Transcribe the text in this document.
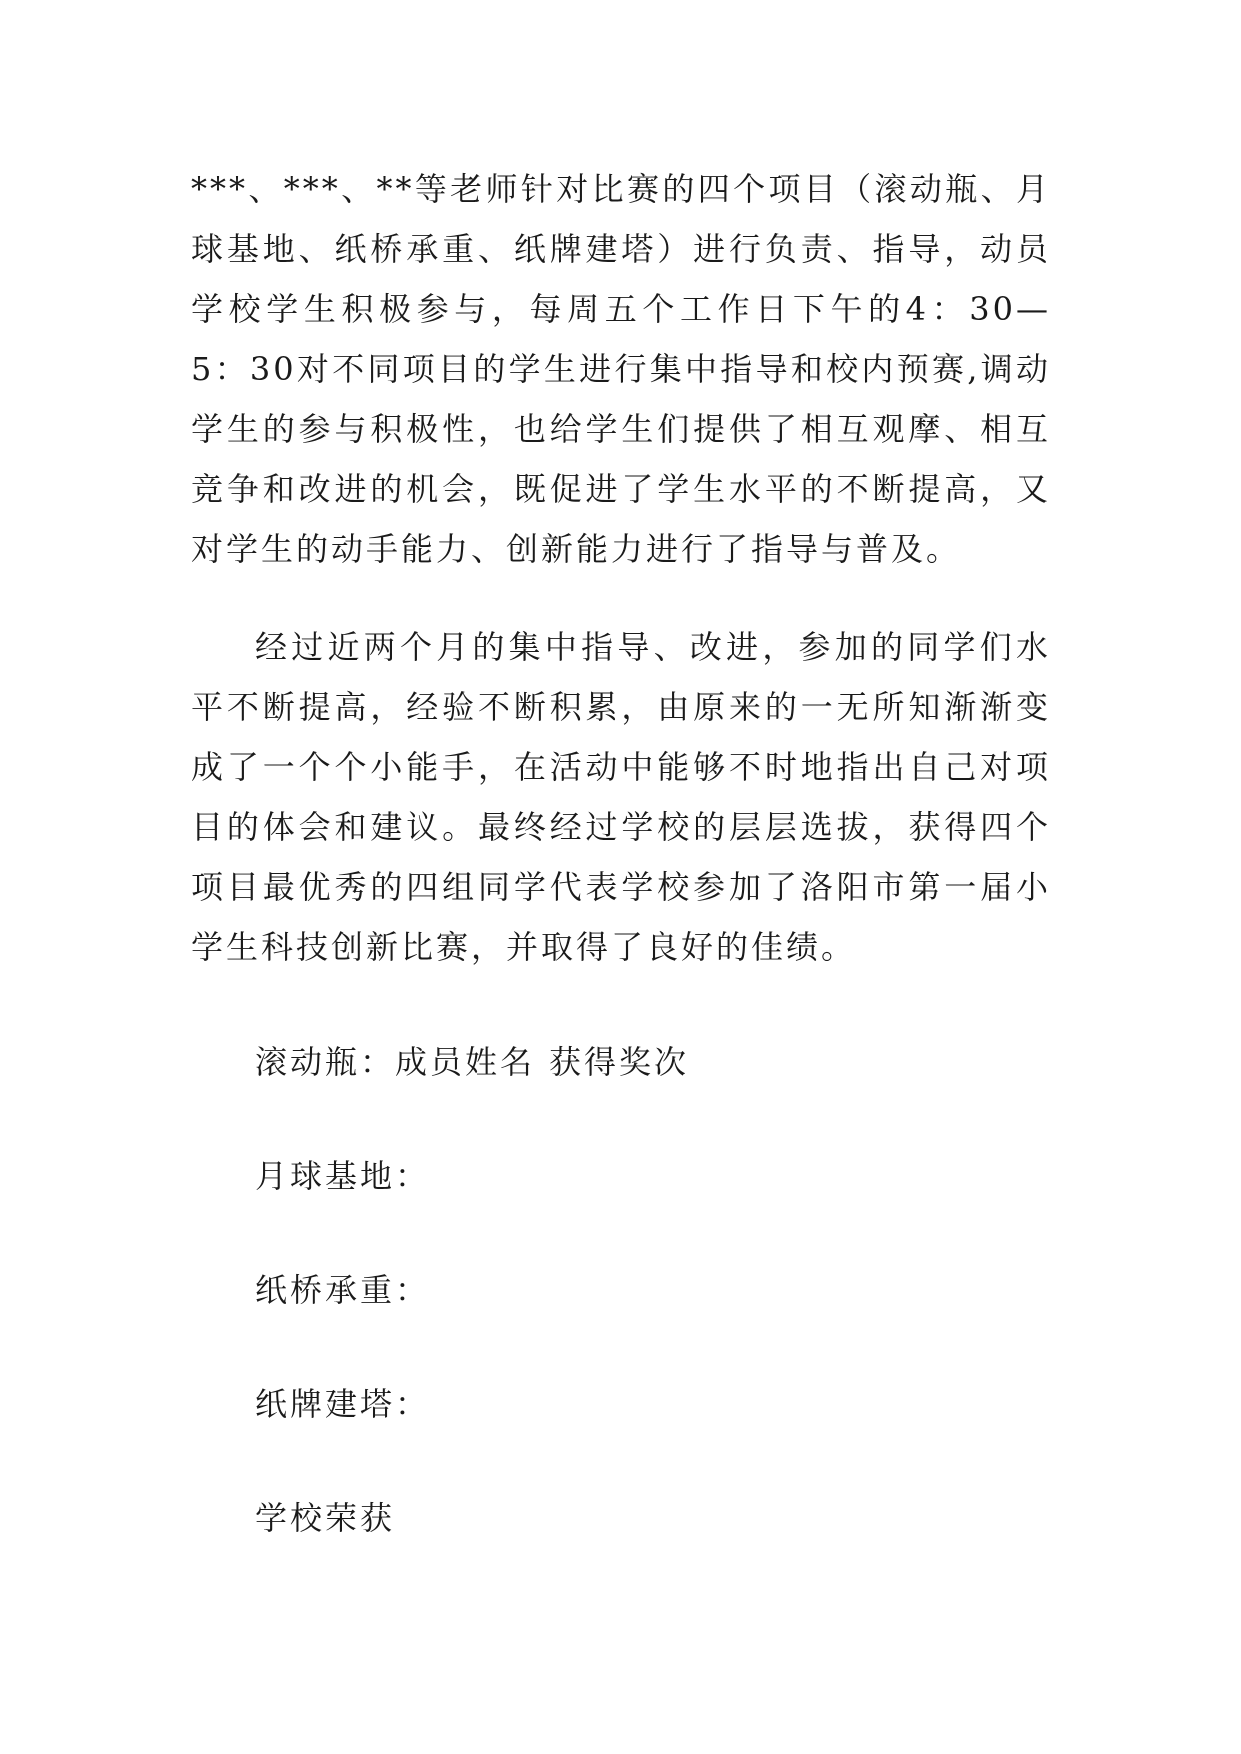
***、***、**等老师针对比赛的四个项目（滚动瓶、月球基地、纸桥承重、纸牌建塔）进行负责、指导，动员学校学生积极参与，每周五个工作日下午的4：30—5：30对不同项目的学生进行集中指导和校内预赛,调动学生的参与积极性，也给学生们提供了相互观摩、相互竞争和改进的机会，既促进了学生水平的不断提高，又对学生的动手能力、创新能力进行了指导与普及。

经过近两个月的集中指导、改进，参加的同学们水平不断提高，经验不断积累，由原来的一无所知渐渐变成了一个个小能手，在活动中能够不时地指出自己对项目的体会和建议。最终经过学校的层层选拔，获得四个项目最优秀的四组同学代表学校参加了洛阳市第一届小学生科技创新比赛，并取得了良好的佳绩。

滚动瓶：成员姓名 获得奖次

月球基地：

纸桥承重：

纸牌建塔：

学校荣获
